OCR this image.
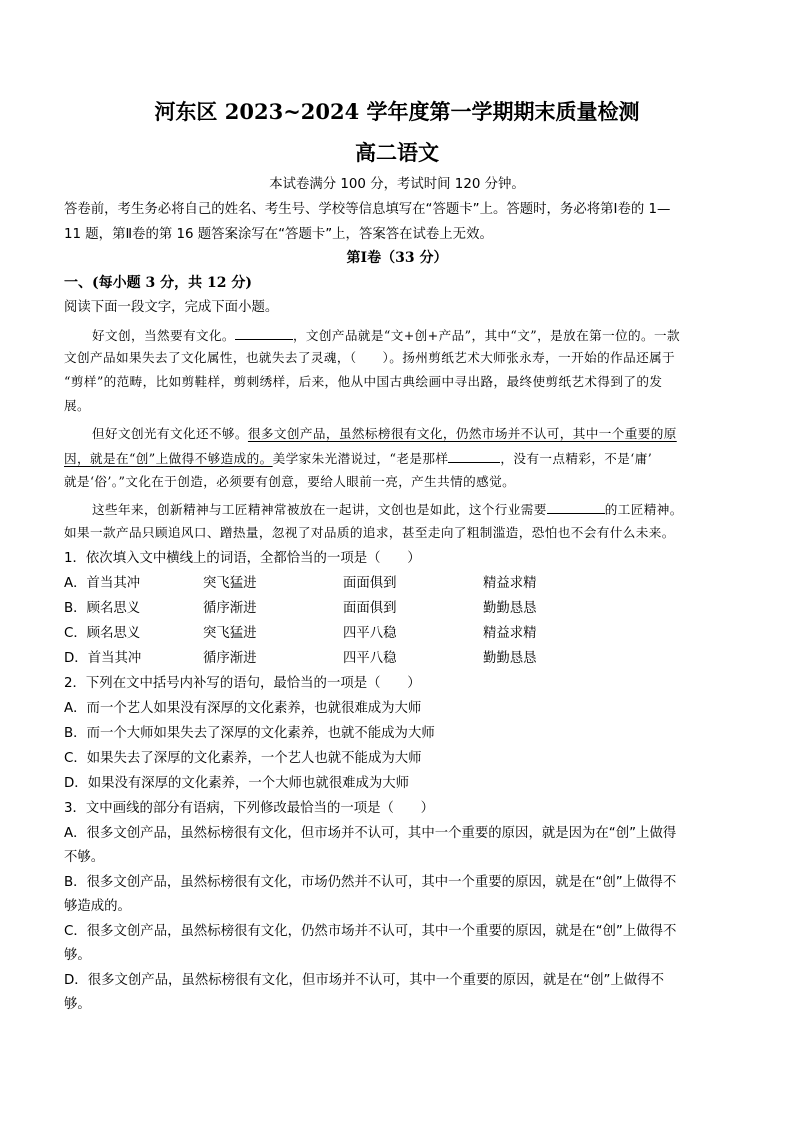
河东区 2023~2024 学年度第一学期期末质量检测
高二语文
本试卷满分 100 分，考试时间 120 分钟。
答卷前，考生务必将自己的姓名、考生号、学校等信息填写在“答题卡”上。答题时，务必将第Ⅰ卷的 1—
11 题，第Ⅱ卷的第 16 题答案涂写在“答题卡”上，答案答在试卷上无效。
第Ⅰ卷（33 分）
一、(每小题 3 分，共 12 分)
阅读下面一段文字，完成下面小题。
好文创，当然要有文化。	，文创产品就是“文+创+产品”，其中“文”，是放在第一位的。一款
文创产品如果失去了文化属性，也就失去了灵魂，（　　）。扬州剪纸艺术大师张永寿，一开始的作品还属于
“剪样”的范畴，比如剪鞋样，剪刺绣样，后来，他从中国古典绘画中寻出路，最终使剪纸艺术得到了的发
展。
但好文创光有文化还不够。很多文创产品，虽然标榜很有文化，仍然市场并不认可，其中一个重要的原
因，就是在“创”上做得不够造成的。美学家朱光潜说过，“老是那样	，没有一点精彩，不是‘庸’
就是‘俗’。”文化在于创造，必须要有创意，要给人眼前一亮，产生共情的感觉。
这些年来，创新精神与工匠精神常被放在一起讲，文创也是如此，这个行业需要	的工匠精神。
如果一款产品只顾追风口、蹭热量，忽视了对品质的追求，甚至走向了粗制滥造，恐怕也不会有什么未来。
1．依次填入文中横线上的词语，全都恰当的一项是（　　）
A．首当其冲	突飞猛进	面面俱到	精益求精
B．顾名思义	循序渐进	面面俱到	勤勤恳恳
C．顾名思义	突飞猛进	四平八稳	精益求精
D．首当其冲	循序渐进	四平八稳	勤勤恳恳
2．下列在文中括号内补写的语句，最恰当的一项是（　　）
A．而一个艺人如果没有深厚的文化素养，也就很难成为大师
B．而一个大师如果失去了深厚的文化素养，也就不能成为大师
C．如果失去了深厚的文化素养，一个艺人也就不能成为大师
D．如果没有深厚的文化素养，一个大师也就很难成为大师
3．文中画线的部分有语病，下列修改最恰当的一项是（　　）
A．很多文创产品，虽然标榜很有文化，但市场并不认可，其中一个重要的原因，就是因为在“创”上做得
不够。
B．很多文创产品，虽然标榜很有文化，市场仍然并不认可，其中一个重要的原因，就是在“创”上做得不
够造成的。
C．很多文创产品，虽然标榜很有文化，仍然市场并不认可，其中一个重要的原因，就是在“创”上做得不
够。
D．很多文创产品，虽然标榜很有文化，但市场并不认可，其中一个重要的原因，就是在“创”上做得不
够。
